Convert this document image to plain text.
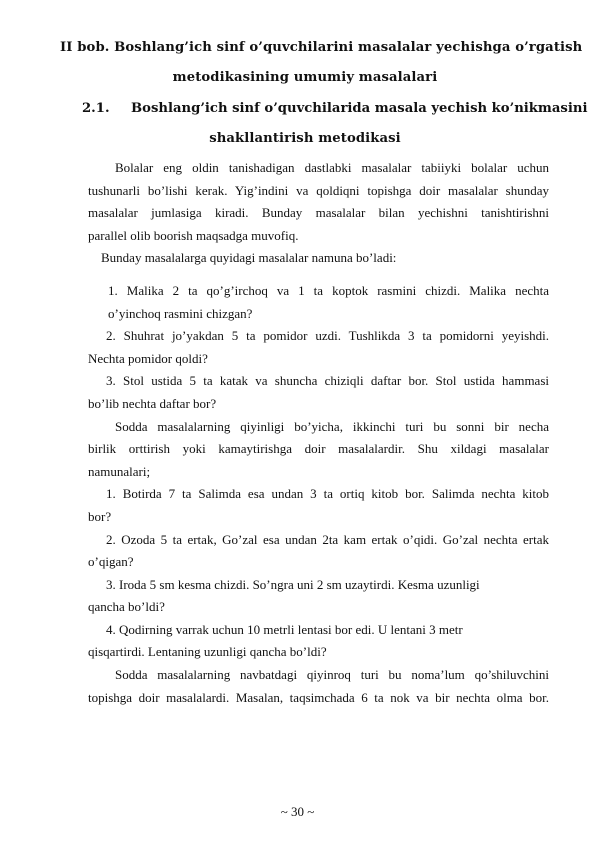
II bob. Boshlang’ich sinf o’quvchilarini masalalar yechishga o’rgatish
metodikasining umumiy masalalari
2.1. Boshlang’ich sinf o’quvchilarida masala yechish ko’nikmasini
shakllantirish metodikasi
Bolalar eng oldin tanishadigan dastlabki masalalar tabiiyki bolalar uchun
tushunarli bo’lishi kerak. Yig’indini va qoldiqni topishga doir masalalar shunday
masalalar jumlasiga kiradi. Bunday masalalar bilan yechishni tanishtirishni
parallel olib boorish maqsadga muvofiq.
Bunday masalalarga quyidagi masalalar namuna bo’ladi:
1. Malika 2 ta qo’g’irchoq va 1 ta koptok rasmini chizdi. Malika nechta
o’yinchoq rasmini chizgan?
2. Shuhrat jo’yakdan 5 ta pomidor uzdi. Tushlikda 3 ta pomidorni yeyishdi.
Nechta pomidor qoldi?
3. Stol ustida 5 ta katak va shuncha chiziqli daftar bor. Stol ustida hammasi
bo’lib nechta daftar bor?
Sodda masalalarning qiyinligi bo’yicha, ikkinchi turi bu sonni bir necha
birlik orttirish yoki kamaytirishga doir masalalardir. Shu xildagi masalalar
namunalari;
1. Botirda 7 ta Salimda esa undan 3 ta ortiq kitob bor. Salimda nechta kitob
bor?
2. Ozoda 5 ta ertak, Go’zal esa undan 2ta kam ertak o’qidi. Go’zal nechta ertak
o’qigan?
3. Iroda 5 sm kesma chizdi. So’ngra uni 2 sm uzaytirdi. Kesma uzunligi
qancha bo’ldi?
4. Qodirning varrak uchun 10 metrli lentasi bor edi. U lentani 3 metr
qisqartirdi. Lentaning uzunligi qancha bo’ldi?
Sodda masalalarning navbatdagi qiyinroq turi bu noma’lum qo’shiluvchini
topishga doir masalalardi. Masalan, taqsimchada 6 ta nok va bir nechta olma bor.
~ 30 ~
